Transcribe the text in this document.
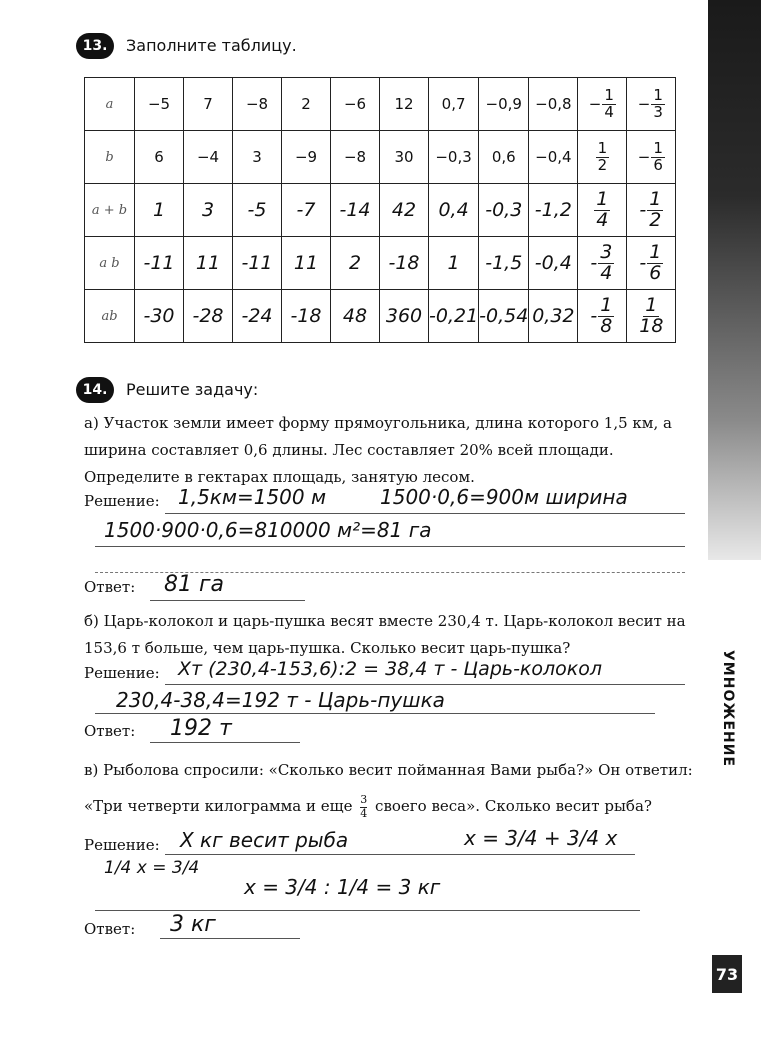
УМНОЖЕНИЕ
73
13.	Заполните таблицу.
a	−5	7	−8	2	−6	12	0,7	−0,9	−0,8	− $\frac{1}{4}$	− $\frac{1}{3}$

b	6	−4	3	−9	−8	30	−0,3	0,6	−0,4	$\frac{1}{2}$	− $\frac{1}{6}$

a + b	1	3	-5	-7	-14	42	0,4	-0,3	-1,2	$\frac{1}{4}$	- $\frac{1}{2}$

a b	-11	11	-11	11	2	-18	1	-1,5	-0,4	- $\frac{3}{4}$	- $\frac{1}{6}$

ab	-30	-28	-24	-18	48	360	-0,21	-0,54	0,32	- $\frac{1}{8}$	$\frac{1}{18}$
14.	Решите задачу:
а) Участок земли имеет форму прямоугольника, длина которого 1,5 км, а ширина составляет 0,6 длины. Лес составляет 20% всей площади. Определите в гектарах площадь, занятую лесом.
Решение: 1,5км=1500 м	1500·0,6=900м ширина
1500·900·0,6=810000 м²=81 га
Ответ: 81 га
б) Царь-колокол и царь-пушка весят вместе 230,4 т. Царь-колокол весит на 153,6 т больше, чем царь-пушка. Сколько весит царь-пушка?
Решение: Хт (230,4-153,6):2 = 38,4 т - Царь-колокол
230,4-38,4=192 т - Царь-пушка
Ответ: 192 т
в) Рыболова спросили: «Сколько весит пойманная Вами рыба?» Он ответил: «Три четверти килограмма и еще $\frac{3}{4}$ своего веса». Сколько весит рыба?
Решение: Х кг весит рыба	х = 3/4 + 3/4 х
1/4 х = 3/4
х = 3/4 : 1/4 = 3 кг
Ответ: 3 кг
